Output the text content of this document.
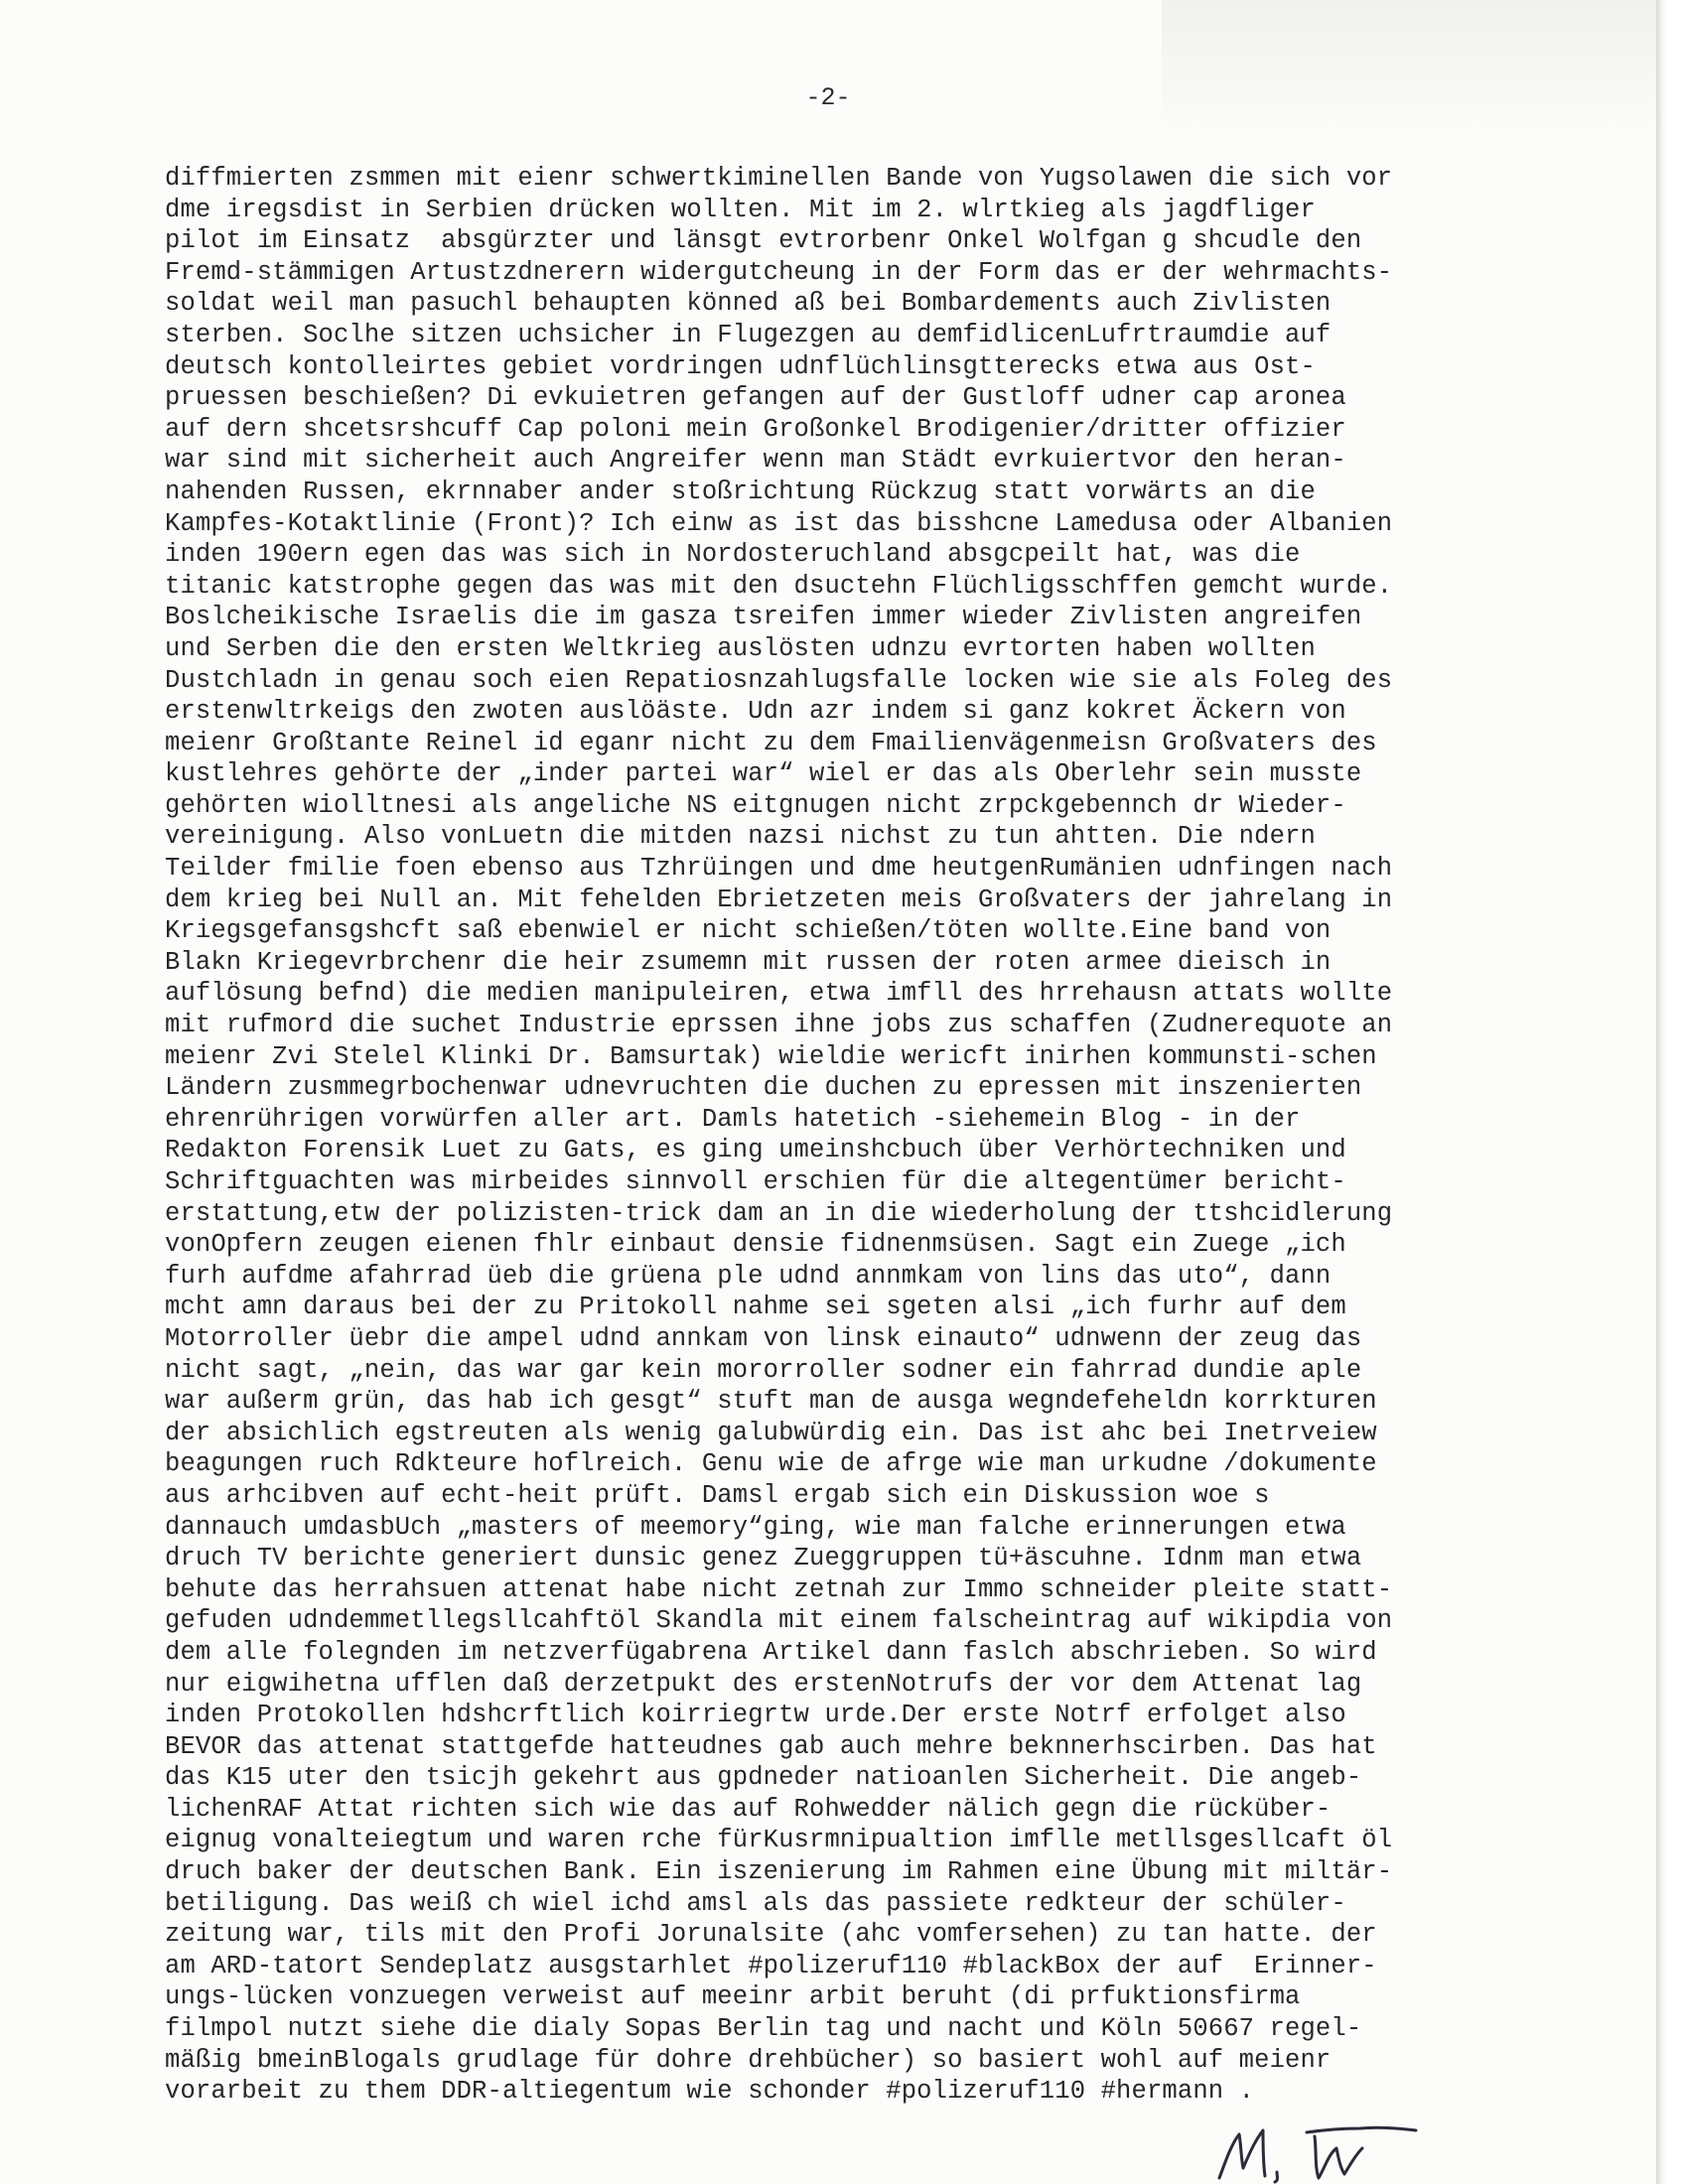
-2-
diffmierten zsmmen mit eienr schwertkiminellen Bande von Yugsolawen die sich vor
dme iregsdist in Serbien drücken wollten. Mit im 2. wlrtkieg als jagdfliger
pilot im Einsatz  absgürzter und länsgt evtrorbenr Onkel Wolfgan g shcudle den
Fremd-stämmigen Artustzdnerern widergutcheung in der Form das er der wehrmachts-
soldat weil man pasuchl behaupten könned aß bei Bombardements auch Zivlisten
sterben. Soclhe sitzen uchsicher in Flugezgen au demfidlicenLufrtraumdie auf
deutsch kontolleirtes gebiet vordringen udnflüchlinsgtterecks etwa aus Ost-
pruessen beschießen? Di evkuietren gefangen auf der Gustloff udner cap aronea
auf dern shcetsrshcuff Cap poloni mein Großonkel Brodigenier/dritter offizier
war sind mit sicherheit auch Angreifer wenn man Städt evrkuiertvor den heran-
nahenden Russen, ekrnnaber ander stoßrichtung Rückzug statt vorwärts an die
Kampfes-Kotaktlinie (Front)? Ich einw as ist das bisshcne Lamedusa oder Albanien
inden 190ern egen das was sich in Nordosteruchland absgcpeilt hat, was die
titanic katstrophe gegen das was mit den dsuctehn Flüchligsschffen gemcht wurde.
Boslcheikische Israelis die im gasza tsreifen immer wieder Zivlisten angreifen
und Serben die den ersten Weltkrieg auslösten udnzu evrtorten haben wollten
Dustchladn in genau soch eien Repatiosnzahlugsfalle locken wie sie als Foleg des
erstenwltrkeigs den zwoten auslöäste. Udn azr indem si ganz kokret Äckern von
meienr Großtante Reinel id eganr nicht zu dem Fmailienvägenmeisn Großvaters des
kustlehres gehörte der „inder partei war“ wiel er das als Oberlehr sein musste
gehörten wiolltnesi als angeliche NS eitgnugen nicht zrpckgebennch dr Wieder-
vereinigung. Also vonLuetn die mitden nazsi nichst zu tun ahtten. Die ndern
Teilder fmilie foen ebenso aus Tzhrüingen und dme heutgenRumänien udnfingen nach
dem krieg bei Null an. Mit fehelden Ebrietzeten meis Großvaters der jahrelang in
Kriegsgefansgshcft saß ebenwiel er nicht schießen/töten wollte.Eine band von
Blakn Kriegevrbrchenr die heir zsumemn mit russen der roten armee dieisch in
auflösung befnd) die medien manipuleiren, etwa imfll des hrrehausn attats wollte
mit rufmord die suchet Industrie eprssen ihne jobs zus schaffen (Zudnerequote an
meienr Zvi Stelel Klinki Dr. Bamsurtak) wieldie wericft inirhen kommunsti-schen
Ländern zusmmegrbochenwar udnevruchten die duchen zu epressen mit inszenierten
ehrenrührigen vorwürfen aller art. Damls hatetich -siehemein Blog - in der
Redakton Forensik Luet zu Gats, es ging umeinshcbuch über Verhörtechniken und
Schriftguachten was mirbeides sinnvoll erschien für die altegentümer bericht-
erstattung,etw der polizisten-trick dam an in die wiederholung der ttshcidlerung
vonOpfern zeugen eienen fhlr einbaut densie fidnenmsüsen. Sagt ein Zuege „ich
furh aufdme afahrrad üeb die grüena ple udnd annmkam von lins das uto“, dann
mcht amn daraus bei der zu Pritokoll nahme sei sgeten alsi „ich furhr auf dem
Motorroller üebr die ampel udnd annkam von linsk einauto“ udnwenn der zeug das
nicht sagt, „nein, das war gar kein mororroller sodner ein fahrrad dundie aple
war außerm grün, das hab ich gesgt“ stuft man de ausga wegndefeheldn korrkturen
der absichlich egstreuten als wenig galubwürdig ein. Das ist ahc bei Inetrveiew
beagungen ruch Rdkteure hoflreich. Genu wie de afrge wie man urkudne /dokumente
aus arhcibven auf echt-heit prüft. Damsl ergab sich ein Diskussion woe s
dannauch umdasbUch „masters of meemory“ging, wie man falche erinnerungen etwa
druch TV berichte generiert dunsic genez Zueggruppen tü+äscuhne. Idnm man etwa
behute das herrahsuen attenat habe nicht zetnah zur Immo schneider pleite statt-
gefuden udndemmetllegsllcahftöl Skandla mit einem falscheintrag auf wikipdia von
dem alle folegnden im netzverfügabrena Artikel dann faslch abschrieben. So wird
nur eigwihetna ufflen daß derzetpukt des erstenNotrufs der vor dem Attenat lag
inden Protokollen hdshcrftlich koirriegrtw urde.Der erste Notrf erfolget also
BEVOR das attenat stattgefde hatteudnes gab auch mehre beknnerhscirben. Das hat
das K15 uter den tsicjh gekehrt aus gpdneder natioanlen Sicherheit. Die angeb-
lichenRAF Attat richten sich wie das auf Rohwedder nälich gegn die rücküber-
eignug vonalteiegtum und waren rche fürKusrmnipualtion imflle metllsgesllcaft öl
druch baker der deutschen Bank. Ein iszenierung im Rahmen eine Übung mit miltär-
betiligung. Das weiß ch wiel ichd amsl als das passiete redkteur der schüler-
zeitung war, tils mit den Profi Jorunalsite (ahc vomfersehen) zu tan hatte. der
am ARD-tatort Sendeplatz ausgstarhlet #polizeruf110 #blackBox der auf  Erinner-
ungs-lücken vonzuegen verweist auf meeinr arbit beruht (di prfuktionsfirma
filmpol nutzt siehe die dialy Sopas Berlin tag und nacht und Köln 50667 regel-
mäßig bmeinBlogals grudlage für dohre drehbücher) so basiert wohl auf meienr
vorarbeit zu them DDR-altiegentum wie schonder #polizeruf110 #hermann .
